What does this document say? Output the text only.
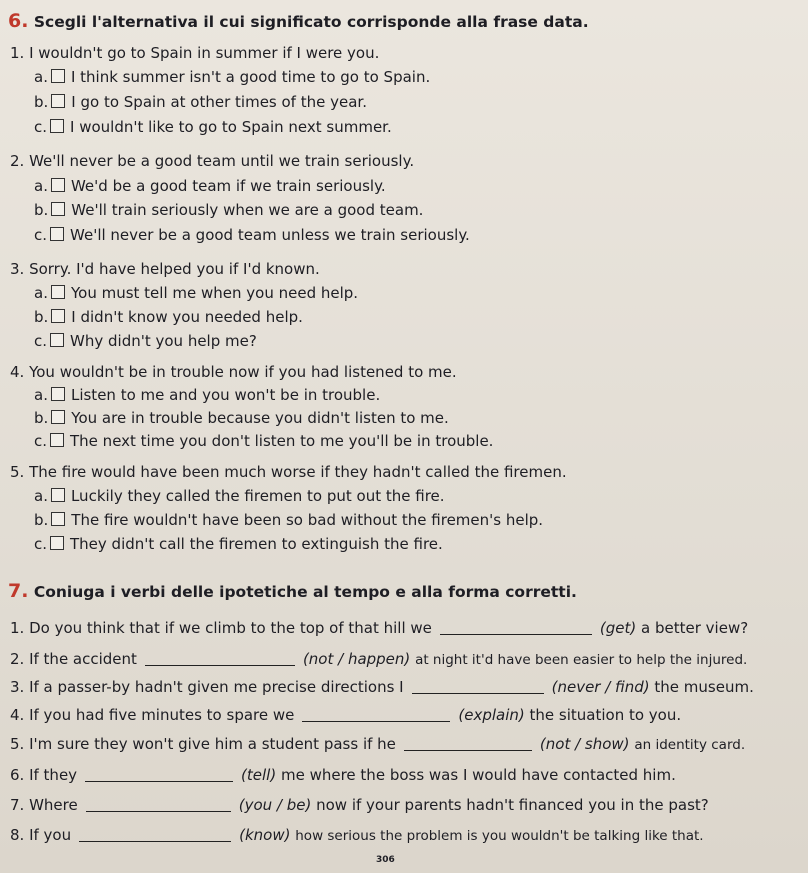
6. Scegli l'alternativa il cui significato corrisponde alla frase data.
1. I wouldn't go to Spain in summer if I were you.
a. I think summer isn't a good time to go to Spain.
b. I go to Spain at other times of the year.
c. I wouldn't like to go to Spain next summer.
2. We'll never be a good team until we train seriously.
a. We'd be a good team if we train seriously.
b. We'll train seriously when we are a good team.
c. We'll never be a good team unless we train seriously.
3. Sorry. I'd have helped you if I'd known.
a. You must tell me when you need help.
b. I didn't know you needed help.
c. Why didn't you help me?
4. You wouldn't be in trouble now if you had listened to me.
a. Listen to me and you won't be in trouble.
b. You are in trouble because you didn't listen to me.
c. The next time you don't listen to me you'll be in trouble.
5. The fire would have been much worse if they hadn't called the firemen.
a. Luckily they called the firemen to put out the fire.
b. The fire wouldn't have been so bad without the firemen's help.
c. They didn't call the firemen to extinguish the fire.
7. Coniuga i verbi delle ipotetiche al tempo e alla forma corretti.
1. Do you think that if we climb to the top of that hill we	(get) a better view?
2. If the accident	(not / happen) at night it'd have been easier to help the injured.
3. If a passer-by hadn't given me precise directions I	(never / find) the museum.
4. If you had five minutes to spare we	(explain) the situation to you.
5. I'm sure they won't give him a student pass if he	(not / show) an identity card.
6. If they	(tell) me where the boss was I would have contacted him.
7. Where	(you / be) now if your parents hadn't financed you in the past?
8. If you	(know) how serious the problem is you wouldn't be talking like that.
306
